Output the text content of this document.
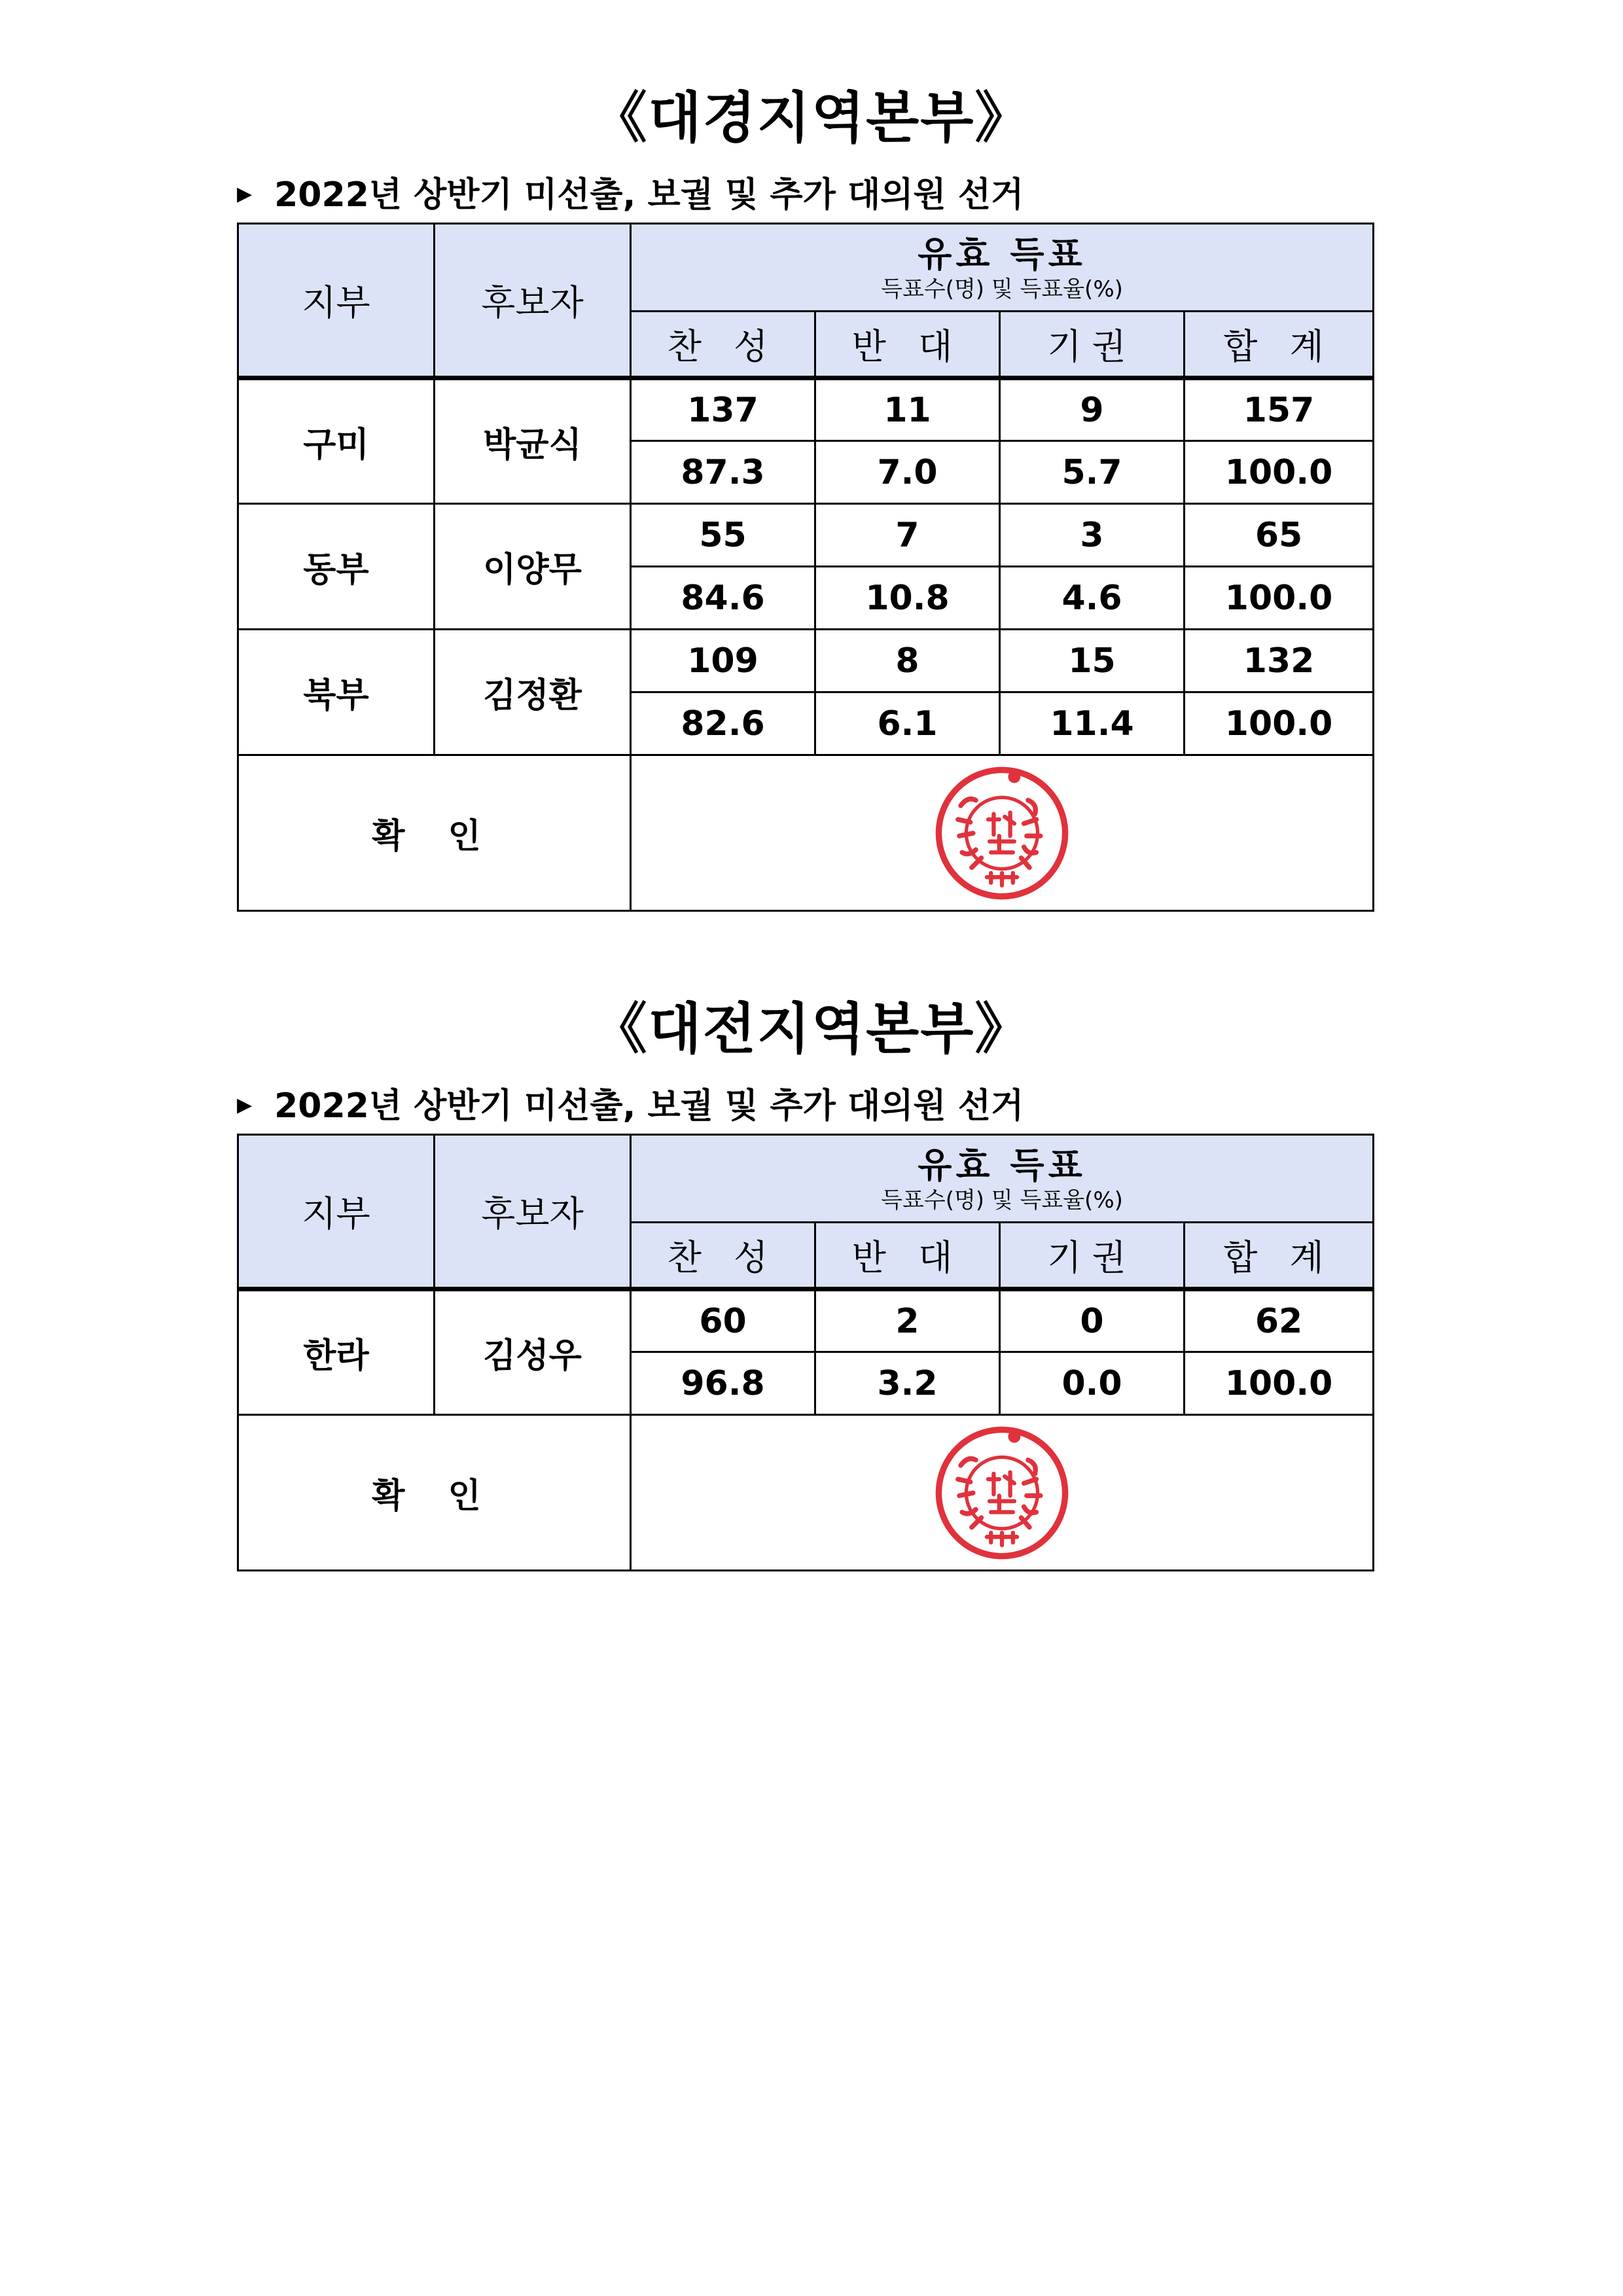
《대경지역본부》
▶ 2022년 상반기 미선출, 보궐 및 추가 대의원 선거
지부	후보자	유효 득표
득표수(명) 및 득표율(%)			

		찬 성	반 대	기권	합 계
구미	박균식	137	11	9	157
		87.3	7.0	5.7	100.0
동부	이양무	55	7	3	65
		84.6	10.8	4.6	100.0
북부	김정환	109	8	15	132
		82.6	6.1	11.4	100.0
확 인	
《대전지역본부》
▶ 2022년 상반기 미선출, 보궐 및 추가 대의원 선거
지부	후보자	유효 득표
득표수(명) 및 득표율(%)			

		찬 성	반 대	기권	합 계
한라	김성우	60	2	0	62
		96.8	3.2	0.0	100.0
확 인	
